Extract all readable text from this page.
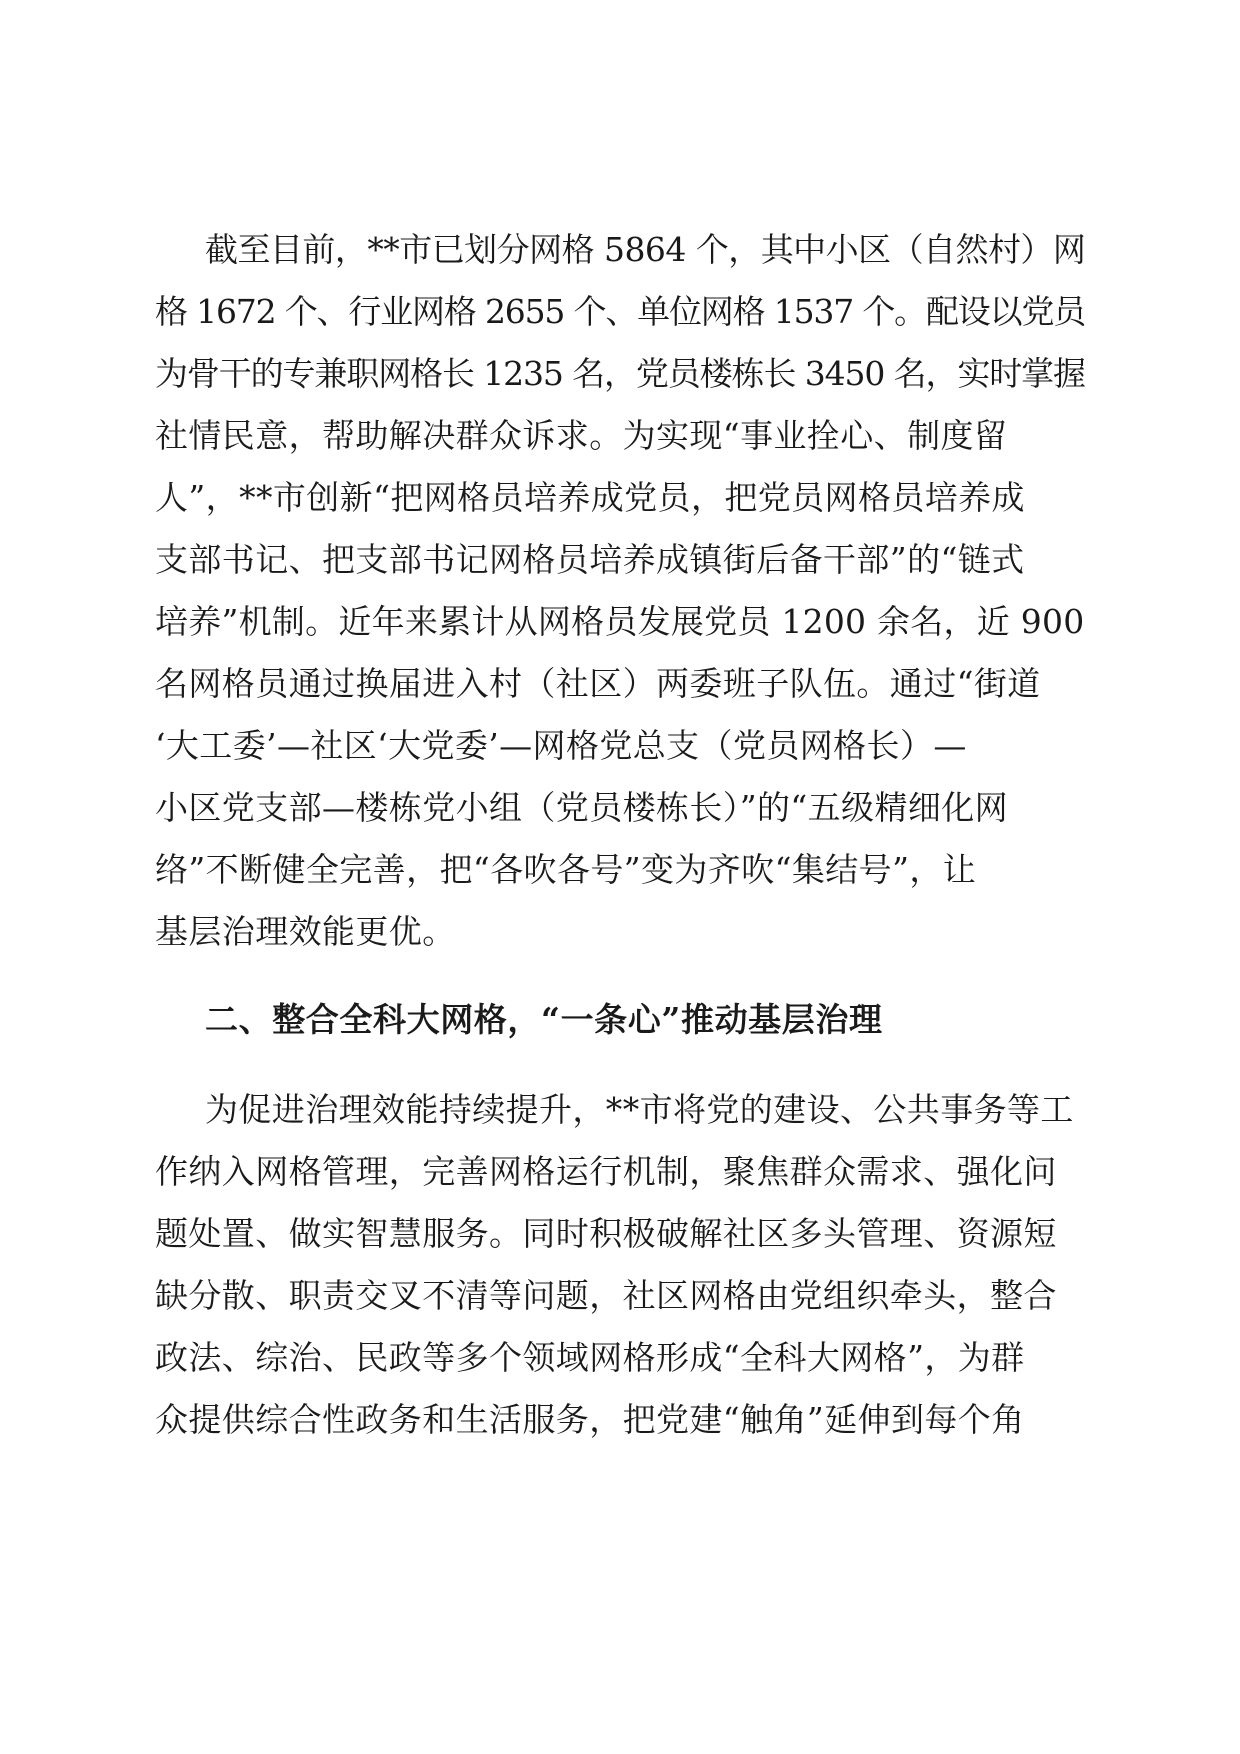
截至目前，**市已划分网格 5864 个，其中小区（自然村）网
格 1672 个、行业网格 2655 个、单位网格 1537 个。配设以党员
为骨干的专兼职网格长 1235 名，党员楼栋长 3450 名，实时掌握
社情民意，帮助解决群众诉求。为实现“事业拴心、制度留
人”，**市创新“把网格员培养成党员，把党员网格员培养成
支部书记、把支部书记网格员培养成镇街后备干部”的“链式
培养”机制。近年来累计从网格员发展党员 1200 余名，近 900
名网格员通过换届进入村（社区）两委班子队伍。通过“街道
‘大工委’—社区‘大党委’—网格党总支（党员网格长）—
小区党支部—楼栋党小组（党员楼栋长）”的“五级精细化网
络”不断健全完善，把“各吹各号”变为齐吹“集结号”，让
基层治理效能更优。
二、整合全科大网格，“一条心”推动基层治理
为促进治理效能持续提升，**市将党的建设、公共事务等工
作纳入网格管理，完善网格运行机制，聚焦群众需求、强化问
题处置、做实智慧服务。同时积极破解社区多头管理、资源短
缺分散、职责交叉不清等问题，社区网格由党组织牵头，整合
政法、综治、民政等多个领域网格形成“全科大网格”，为群
众提供综合性政务和生活服务，把党建“触角”延伸到每个角
